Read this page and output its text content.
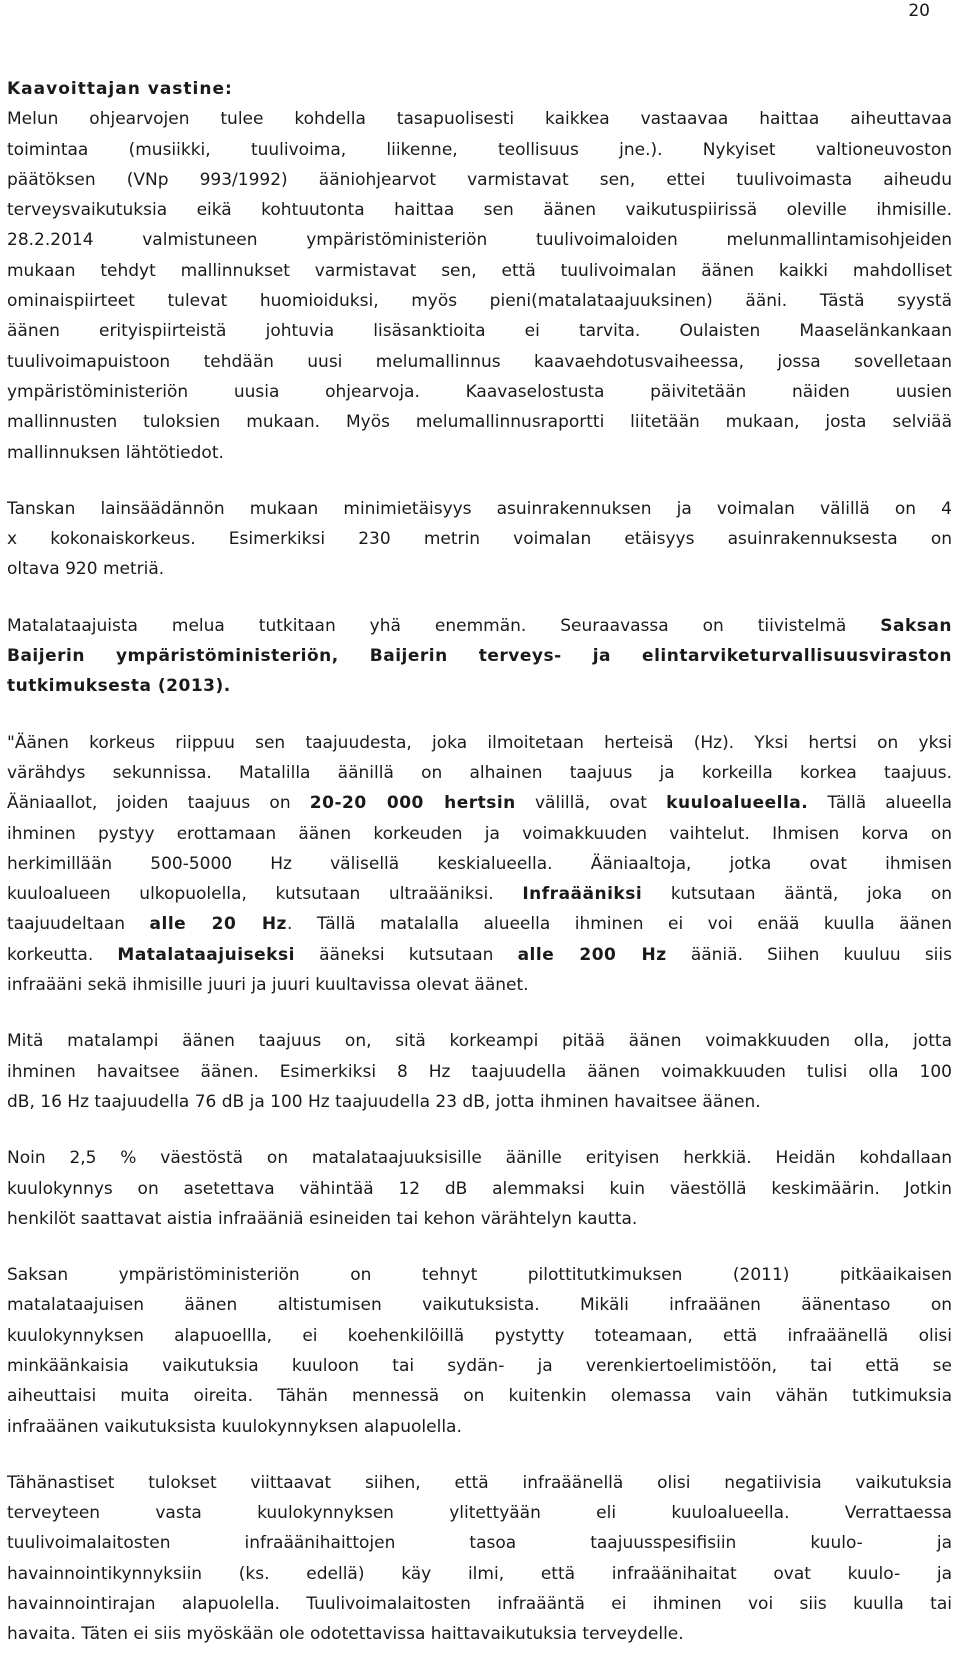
20
Kaavoittajan vastine:
Melun ohjearvojen tulee kohdella tasapuolisesti kaikkea vastaavaa haittaa aiheuttavaa
toimintaa (musiikki, tuulivoima, liikenne, teollisuus jne.). Nykyiset valtioneuvoston
päätöksen (VNp 993/1992) ääniohjearvot varmistavat sen, ettei tuulivoimasta aiheudu
terveysvaikutuksia eikä kohtuutonta haittaa sen äänen vaikutuspiirissä oleville ihmisille.
28.2.2014 valmistuneen ympäristöministeriön tuulivoimaloiden melunmallintamisohjeiden
mukaan tehdyt mallinnukset varmistavat sen, että tuulivoimalan äänen kaikki mahdolliset
ominaispiirteet tulevat huomioiduksi, myös pieni(matalataajuuksinen) ääni. Tästä syystä
äänen erityispiirteistä johtuvia lisäsanktioita ei tarvita. Oulaisten Maaselänkankaan
tuulivoimapuistoon tehdään uusi melumallinnus kaavaehdotusvaiheessa, jossa sovelletaan
ympäristöministeriön uusia ohjearvoja. Kaavaselostusta päivitetään näiden uusien
mallinnusten tuloksien mukaan. Myös melumallinnusraportti liitetään mukaan, josta selviää
mallinnuksen lähtötiedot.
Tanskan lainsäädännön mukaan minimietäisyys asuinrakennuksen ja voimalan välillä on 4
x kokonaiskorkeus. Esimerkiksi 230 metrin voimalan etäisyys asuinrakennuksesta on
oltava 920 metriä.
Matalataajuista melua tutkitaan yhä enemmän. Seuraavassa on tiivistelmä Saksan
Baijerin ympäristöministeriön, Baijerin terveys- ja elintarviketurvallisuusviraston
tutkimuksesta (2013).
"Äänen korkeus riippuu sen taajuudesta, joka ilmoitetaan herteisä (Hz). Yksi hertsi on yksi
värähdys sekunnissa. Matalilla äänillä on alhainen taajuus ja korkeilla korkea taajuus.
Ääniaallot, joiden taajuus on 20-20 000 hertsin välillä, ovat kuuloalueella. Tällä alueella
ihminen pystyy erottamaan äänen korkeuden ja voimakkuuden vaihtelut. Ihmisen korva on
herkimillään 500-5000 Hz välisellä keskialueella. Ääniaaltoja, jotka ovat ihmisen
kuuloalueen ulkopuolella, kutsutaan ultraääniksi. Infraääniksi kutsutaan ääntä, joka on
taajuudeltaan alle 20 Hz. Tällä matalalla alueella ihminen ei voi enää kuulla äänen
korkeutta. Matalataajuiseksi ääneksi kutsutaan alle 200 Hz ääniä. Siihen kuuluu siis
infraääni sekä ihmisille juuri ja juuri kuultavissa olevat äänet.
Mitä matalampi äänen taajuus on, sitä korkeampi pitää äänen voimakkuuden olla, jotta
ihminen havaitsee äänen. Esimerkiksi 8 Hz taajuudella äänen voimakkuuden tulisi olla 100
dB, 16 Hz taajuudella 76 dB ja 100 Hz taajuudella 23 dB, jotta ihminen havaitsee äänen.
Noin 2,5 % väestöstä on matalataajuuksisille äänille erityisen herkkiä. Heidän kohdallaan
kuulokynnys on asetettava vähintää 12 dB alemmaksi kuin väestöllä keskimäärin. Jotkin
henkilöt saattavat aistia infraääniä esineiden tai kehon värähtelyn kautta.
Saksan ympäristöministeriön on tehnyt pilottitutkimuksen (2011) pitkäaikaisen
matalataajuisen äänen altistumisen vaikutuksista. Mikäli infraäänen äänentaso on
kuulokynnyksen alapuoellla, ei koehenkilöillä pystytty toteamaan, että infraäänellä olisi
minkäänkaisia vaikutuksia kuuloon tai sydän- ja verenkiertoelimistöön, tai että se
aiheuttaisi muita oireita. Tähän mennessä on kuitenkin olemassa vain vähän tutkimuksia
infraäänen vaikutuksista kuulokynnyksen alapuolella.
Tähänastiset tulokset viittaavat siihen, että infraäänellä olisi negatiivisia vaikutuksia
terveyteen vasta kuulokynnyksen ylitettyään eli kuuloalueella. Verrattaessa
tuulivoimalaitosten infraäänihaittojen tasoa taajuusspesifisiin kuulo- ja
havainnointikynnyksiin (ks. edellä) käy ilmi, että infraäänihaitat ovat kuulo- ja
havainnointirajan alapuolella. Tuulivoimalaitosten infraääntä ei ihminen voi siis kuulla tai
havaita. Täten ei siis myöskään ole odotettavissa haittavaikutuksia terveydelle.
